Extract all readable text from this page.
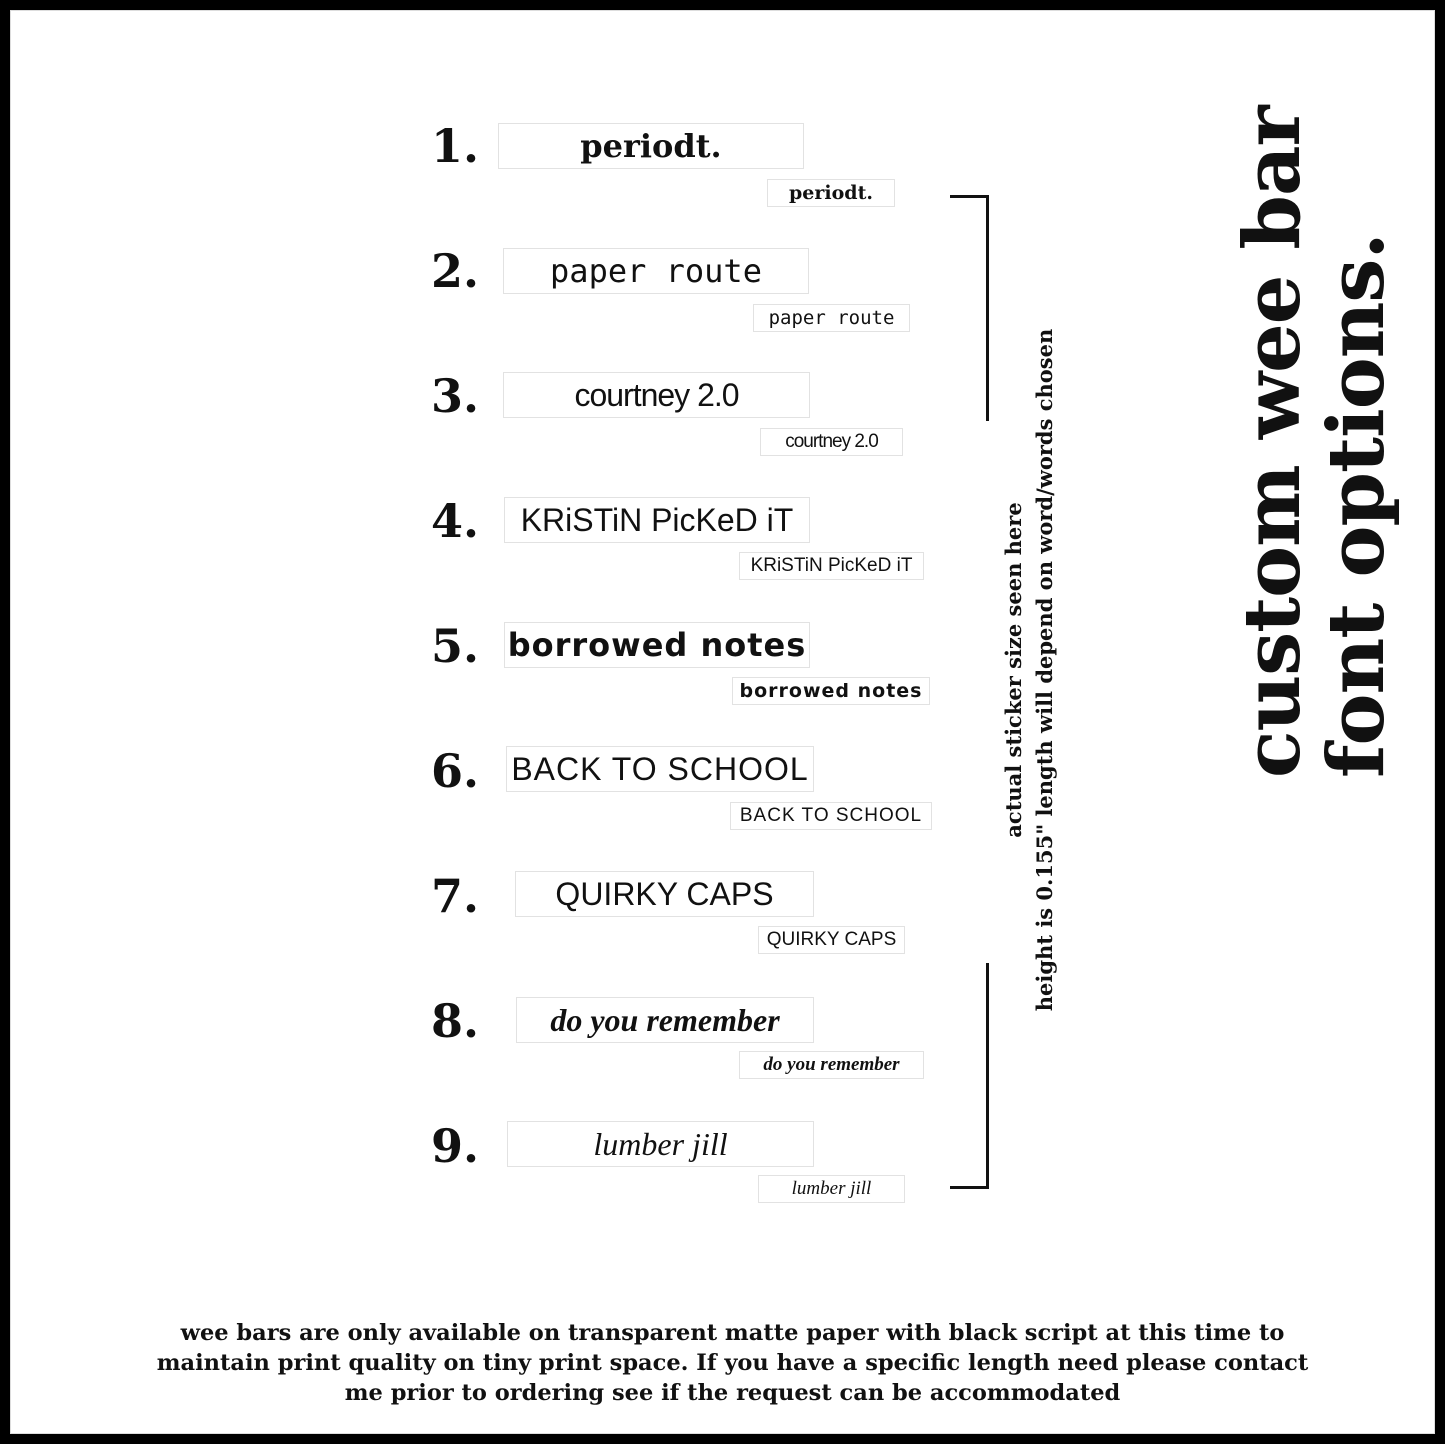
1.	periodt.
periodt.
2.	paper route
paper route
3.	courtney 2.0
courtney 2.0
4.	KRiSTiN PicKeD iT
KRiSTiN PicKeD iT
5. borrowed notes
borrowed notes
6. BACK TO SCHOOL
BACK TO SCHOOL
7.	QUIRKY CAPS
QUIRKY CAPS
8.	do you remember
do you remember
9.	lumber jill
lumber jill
actual sticker size seen here height is 0.155" length will depend on word/words chosen custom wee bar font options.
wee bars are only available on transparent matte paper with black script at this time to maintain print quality on tiny print space. If you have a specific length need please contact me prior to ordering see if the request can be accommodated
